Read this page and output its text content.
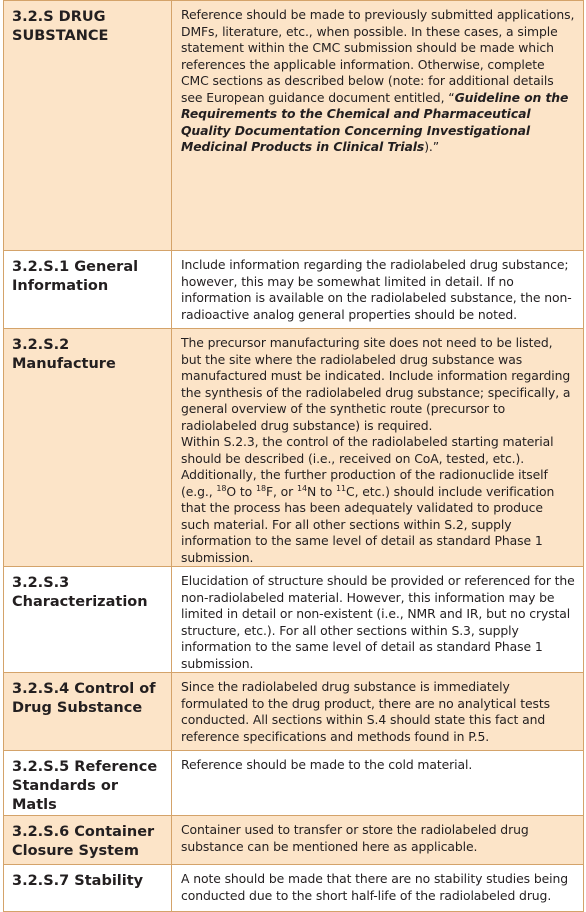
3.2.S DRUG SUBSTANCE	Reference should be made to previously submitted applications, DMFs, literature, etc., when possible. In these cases, a simple statement within the CMC submission should be made which references the applicable information. Otherwise, complete CMC sections as described below (note: for additional details see European guidance document entitled, “Guideline on the Requirements to the Chemical and Pharmaceutical Quality Documentation Concerning Investigational Medicinal Products in Clinical Trials).”

3.2.S.1 General Information	Include information regarding the radiolabeled drug substance; however, this may be somewhat limited in detail. If no information is available on the radiolabeled substance, the non-radioactive analog general properties should be noted.

3.2.S.2 Manufacture	The precursor manufacturing site does not need to be listed, but the site where the radiolabeled drug substance was manufactured must be indicated. Include information regarding the synthesis of the radiolabeled drug substance; specifically, a general overview of the synthetic route (precursor to radiolabeled drug substance) is required.

Within S.2.3, the control of the radiolabeled starting material should be described (i.e., received on CoA, tested, etc.). Additionally, the further production of the radionuclide itself (e.g., $^{18}$O to $^{18}$F, or $^{14}$N to $^{11}$C, etc.) should include verification that the process has been adequately validated to produce such material. For all other sections within S.2, supply information to the same level of detail as standard Phase 1 submission.

3.2.S.3 Characterization	Elucidation of structure should be provided or referenced for the non-radiolabeled material. However, this information may be limited in detail or non-existent (i.e., NMR and IR, but no crystal structure, etc.). For all other sections within S.3, supply information to the same level of detail as standard Phase 1 submission.

3.2.S.4 Control of Drug Substance	Since the radiolabeled drug substance is immediately formulated to the drug product, there are no analytical tests conducted. All sections within S.4 should state this fact and reference specifications and methods found in P.5.

3.2.S.5 Reference Standards or Matls	Reference should be made to the cold material.

3.2.S.6 Container Closure System	Container used to transfer or store the radiolabeled drug substance can be mentioned here as applicable.

3.2.S.7 Stability	A note should be made that there are no stability studies being conducted due to the short half-life of the radiolabeled drug.
